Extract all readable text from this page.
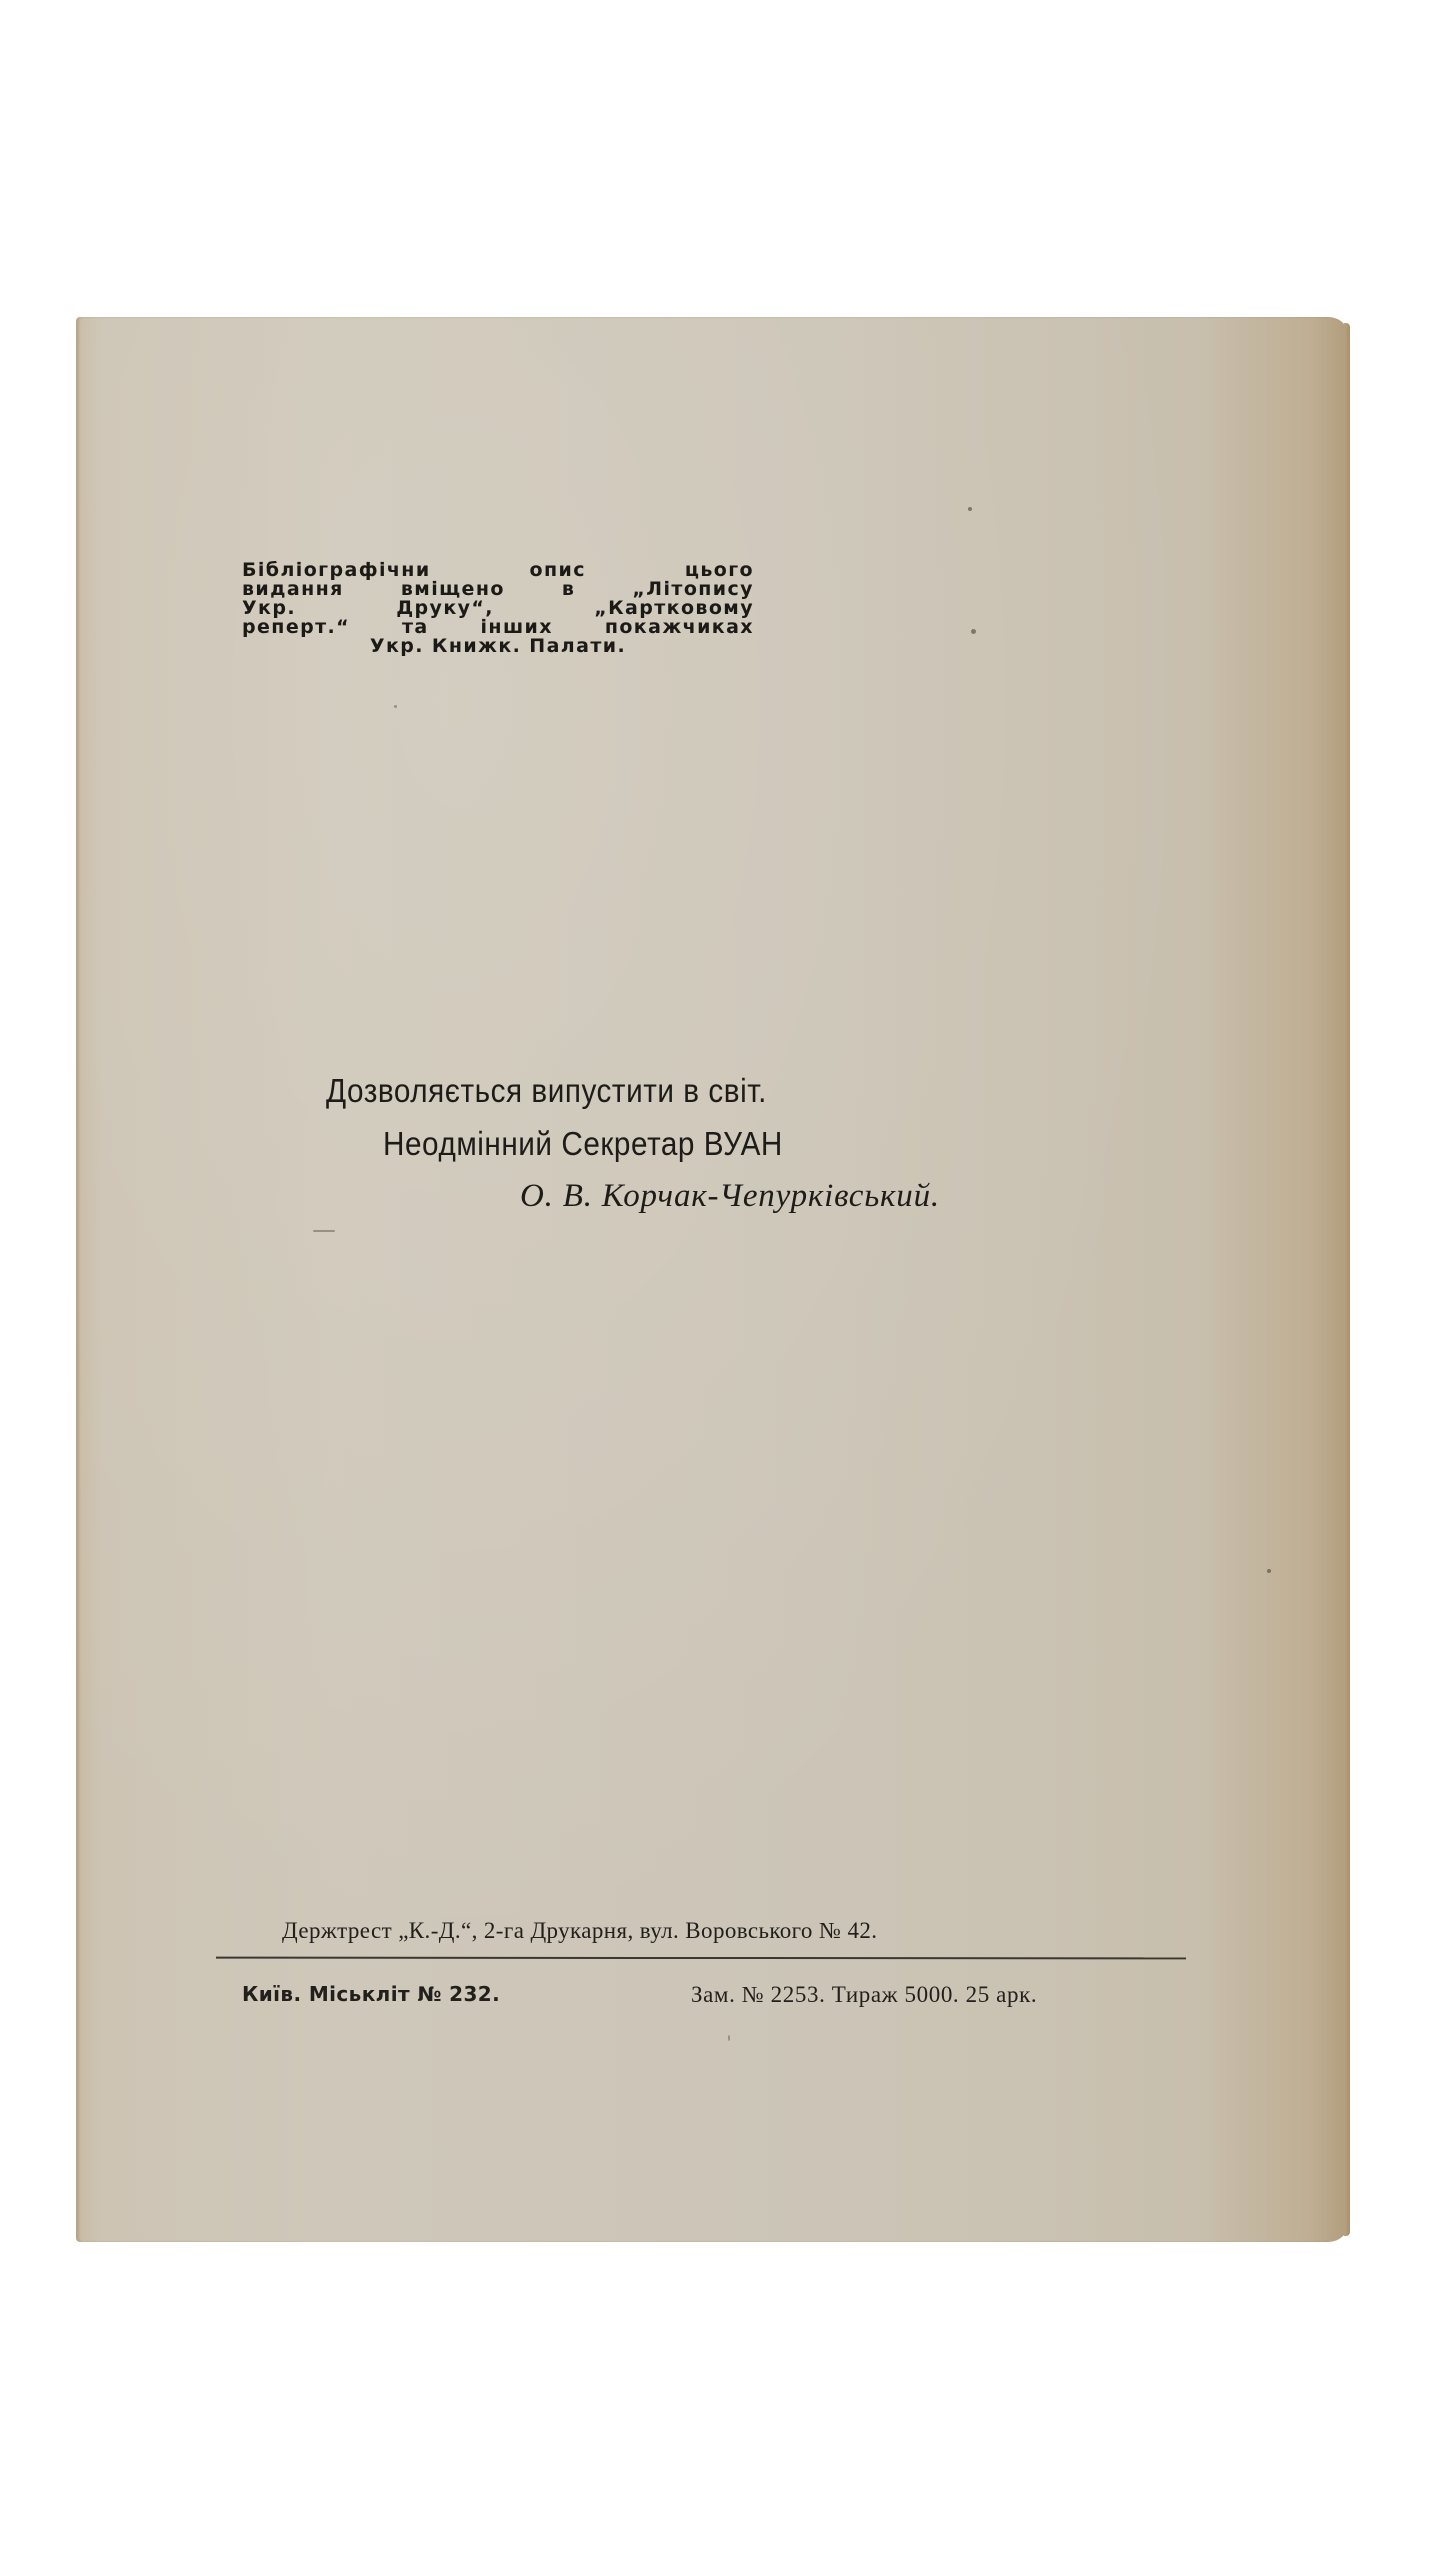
Бібліографічни	опис	цього
видання	вміщено	в	„Літопису
Укр.	Друку“,	„Картковому
реперт.“	та	інших	покажчиках
Укр. Книжк. Палати.
Дозволяється випустити в світ.
Неодмінний Секретар ВУАН
О. В. Корчак-Чепурківський.
Держтрест „К.-Д.“, 2-га Друкарня, вул. Воровського № 42.
Київ. Міськліт № 232.	Зам. № 2253. Тираж 5000. 25 арк.
